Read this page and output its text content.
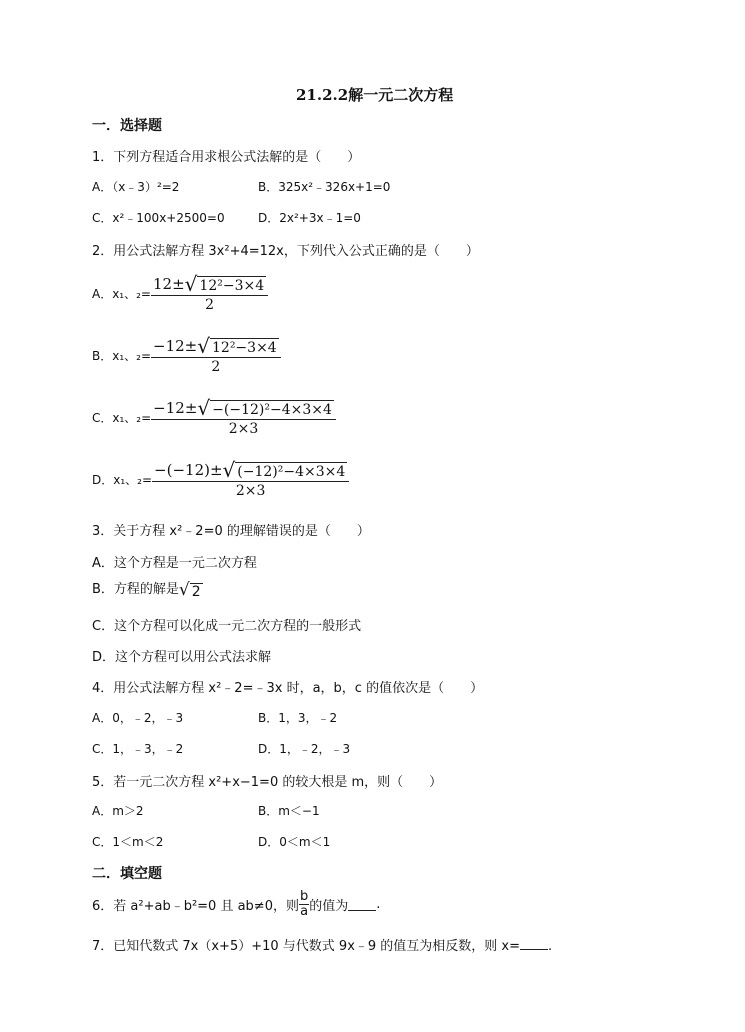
21.2.2解一元二次方程
一．选择题
1．下列方程适合用求根公式法解的是（　　）
A．（x﹣3）²=2	B．325x²﹣326x+1=0
C．x²﹣100x+2500=0	D．2x²+3x﹣1=0
2．用公式法解方程 3x²+4=12x，下列代入公式正确的是（　　）
A．x₁、$_2= \frac{\text{12± √ 12²−3×4}}{2}$
B．x₁、$_2= \frac{\text{−12± √ 12²−3×4}}{2}$
C．x₁、$_2= \frac{\text{−12± √ −(−12)²−4×3×4}}{2\times 3}$
D．x₁、$_2= \frac{\text{−(−12)± √ (−12)²−4×3×4}}{2\times 3}$
3．关于方程 x²﹣2=0 的理解错误的是（　　）
A．这个方程是一元二次方程
B．方程的解是 √ 2
C．这个方程可以化成一元二次方程的一般形式
D．这个方程可以用公式法求解
4．用公式法解方程 x²﹣2=﹣3x 时，a，b，c 的值依次是（　　）
A．0，﹣2，﹣3	B．1，3，﹣2
C．1，﹣3，﹣2	D．1，﹣2，﹣3
5．若一元二次方程 x²+x−1=0 的较大根是 m，则（　　）
A．m＞2	B．m＜−1
C．1＜m＜2	D．0＜m＜1
二．填空题
6．若 a²+ab﹣b²=0 且 ab≠0，则 $\frac{b}{a}$ 的值为 .
7．已知代数式 7x（x+5）+10 与代数式 9x﹣9 的值互为相反数，则 x= .
